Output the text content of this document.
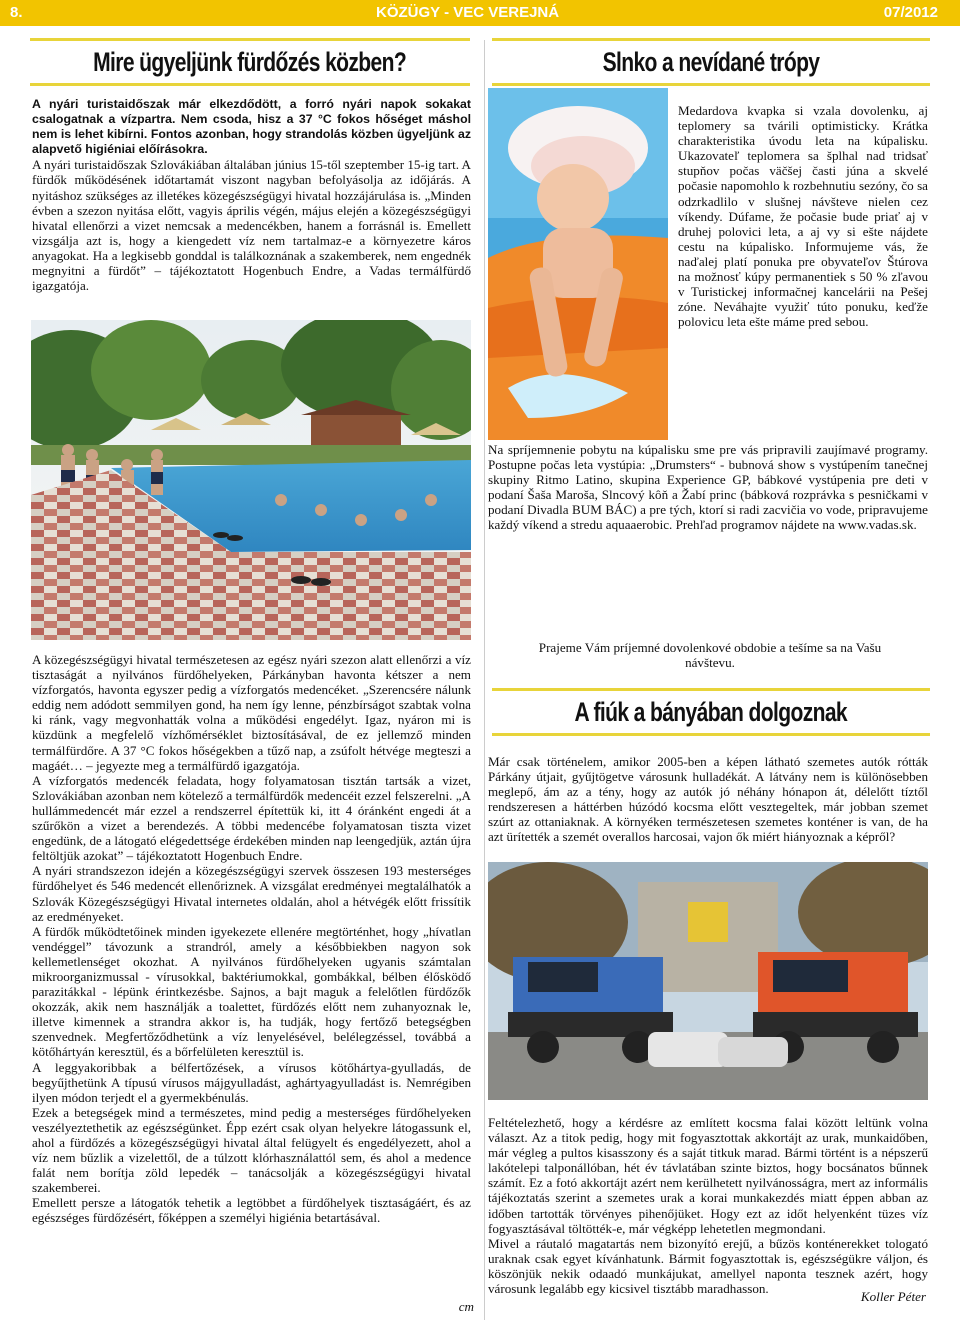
8.	KÖZÜGY - VEC VEREJNÁ	07/2012
Mire ügyeljünk fürdőzés közben?

A nyári turistaidőszak már elkezdődött, a forró nyári napok sokakat csalogatnak a vízpartra. Nem csoda, hisz a 37 °C fokos hőséget máshol nem is lehet kibírni. Fontos azonban, hogy strandolás közben ügyeljünk az alapvető higiéniai előírásokra.

A nyári turistaidőszak Szlovákiában általában június 15-től szeptember 15-ig tart. A fürdők működésének időtartamát viszont nagyban befolyásolja az időjárás. A nyitáshoz szükséges az illetékes közegészségügyi hivatal hozzájárulása is. „Minden évben a szezon nyitása előtt, vagyis április végén, május elején a közegészségügyi hivatal ellenőrzi a vizet nemcsak a medencékben, hanem a forrásnál is. Emellett vizsgálja azt is, hogy a kiengedett víz nem tartalmaz-e a környezetre káros anyagokat. Ha a legkisebb gonddal is találkoznának a szakemberek, nem engednék megnyitni a fürdőt” – tájékoztatott Hogenbuch Endre, a Vadas termálfürdő igazgatója.

A közegészségügyi hivatal természetesen az egész nyári szezon alatt ellenőrzi a víz tisztaságát a nyilvános fürdőhelyeken, Párkányban havonta kétszer a nem vízforgatós, havonta egyszer pedig a vízforgatós medencéket. „Szerencsére nálunk eddig nem adódott semmilyen gond, ha nem így lenne, pénzbírságot szabtak volna ki ránk, vagy megvonhatták volna a működési engedélyt. Igaz, nyáron mi is küzdünk a megfelelő vízhőmérséklet biztosításával, de ez jellemző minden termálfürdőre. A 37 °C fokos hőségekben a tűző nap, a zsúfolt hétvége megteszi a magáét… – jegyezte meg a termálfürdő igazgatója.

A vízforgatós medencék feladata, hogy folyamatosan tisztán tartsák a vizet, Szlovákiában azonban nem kötelező a termálfürdők medencéit ezzel felszerelni. „A hullámmedencét már ezzel a rendszerrel építettük ki, itt 4 óránként engedi át a szűrőkön a vizet a berendezés. A többi medencébe folyamatosan tiszta vizet engedünk, de a látogató elégedettsége érdekében minden nap leengedjük, aztán újra feltöltjük azokat” – tájékoztatott Hogenbuch Endre.

A nyári strandszezon idején a közegészségügyi szervek összesen 193 mesterséges fürdőhelyet és 546 medencét ellenőriznek. A vizsgálat eredményei megtalálhatók a Szlovák Közegészségügyi Hivatal internetes oldalán, ahol a hétvégék előtt frissítik az eredményeket.

A fürdők működtetőinek minden igyekezete ellenére megtörténhet, hogy „hívatlan vendéggel” távozunk a strandról, amely a későbbiekben nagyon sok kellemetlenséget okozhat. A nyilvános fürdőhelyeken ugyanis számtalan mikroorganizmussal - vírusokkal, baktériumokkal, gombákkal, bélben élősködő parazitákkal - lépünk érintkezésbe. Sajnos, a bajt maguk a felelőtlen fürdőzők okozzák, akik nem használják a toalettet, fürdőzés előtt nem zuhanyoznak le, illetve kimennek a strandra akkor is, ha tudják, hogy fertőző betegségben szenvednek. Megfertőződhetünk a víz lenyelésével, belélegzéssel, továbbá a kötőhártyán keresztül, és a bőrfelületen keresztül is.

A leggyakoribbak a bélfertőzések, a vírusos kötőhártya-gyulladás, de begyűjthetünk A típusú vírusos májgyulladást, aghártyagyulladást is. Nemrégiben ilyen módon terjedt el a gyermekbénulás.

Ezek a betegségek mind a természetes, mind pedig a mesterséges fürdőhelyeken veszélyeztethetik az egészségünket. Épp ezért csak olyan helyekre látogassunk el, ahol a fürdőzés a közegészségügyi hivatal által felügyelt és engedélyezett, ahol a víz nem bűzlik a vizelettől, de a túlzott klórhasználattól sem, és ahol a medence falát nem borítja zöld lepedék – tanácsolják a közegészségügyi hivatal szakemberei.

Emellett persze a látogatók tehetik a legtöbbet a fürdőhelyek tisztaságáért, és az egészséges fürdőzésért, főképpen a személyi higiénia betartásával.

cm
Slnko a nevídané trópy

Medardova kvapka si vzala dovolenku, aj teplomery sa tvárili optimisticky. Krátka charakteristika úvodu leta na kúpalisku. Ukazovateľ teplomera sa šplhal nad tridsať stupňov počas väčšej časti júna a skvelé počasie napomohlo k rozbehnutiu sezóny, čo sa odzrkadlilo v slušnej návšteve nielen cez víkendy. Dúfame, že počasie bude priať aj v druhej polovici leta, a aj vy si ešte nájdete cestu na kúpalisko. Informujeme vás, že naďalej platí ponuka pre obyvateľov Štúrova na možnosť kúpy permanentiek s 50 % zľavou v Turistickej informačnej kancelárii na Pešej zóne. Neváhajte využiť túto ponuku, keďže polovicu leta ešte máme pred sebou.

Na spríjemnenie pobytu na kúpalisku sme pre vás pripravili zaujímavé programy. Postupne počas leta vystúpia: „Drumsters“ - bubnová show s vystúpením tanečnej skupiny Ritmo Latino, skupina Experience GP, bábkové vystúpenia pre deti v podaní Šaša Maroša, Slncový kôň a Žabí princ (bábková rozprávka s pesničkami v podaní Divadla BUM BÁC) a pre tých, ktorí si radi zacvičia vo vode, pripravujeme každý víkend a stredu aquaaerobic. Prehľad programov nájdete na www.vadas.sk.

Prajeme Vám príjemné dovolenkové obdobie a tešíme sa na Vašu návštevu.
A fiúk a bányában dolgoznak
Már csak történelem, amikor 2005-ben a képen látható szemetes autók rótták Párkány útjait, gyűjtögetve városunk hulladékát. A látvány nem is különösebben meglepő, ám az a tény, hogy az autók jó néhány hónapon át, délelőtt tíztől rendszeresen a háttérben húzódó kocsma előtt vesztegeltek, már jobban szemet szúrt az ottaniaknak. A környéken természetesen szemetes konténer is van, de ha azt ürítették a szemét overallos harcosai, vajon ők miért hiányoznak a képről?

Feltételezhető, hogy a kérdésre az említett kocsma falai között leltünk volna választ. Az a titok pedig, hogy mit fogyasztottak akkortájt az urak, munkaidőben, már végleg a pultos kisasszony és a saját titkuk marad. Bármi történt is a népszerű lakótelepi talponállóban, hét év távlatában szinte biztos, hogy bocsánatos bűnnek számít. Ez a fotó akkortájt azért nem kerülhetett nyilvánosságra, mert az informális tájékoztatás szerint a szemetes urak a korai munkakezdés miatt éppen abban az időben tartották törvényes pihenőjüket. Hogy ezt az időt helyenként tüzes víz fogyasztásával töltötték-e, már végképp lehetetlen megmondani.

Mivel a ráutaló magatartás nem bizonyító erejű, a bűzös konténerekket tologató uraknak csak egyet kívánhatunk. Bármit fogyasztottak is, egészségükre váljon, és köszönjük nekik odaadó munkájukat, amellyel naponta tesznek azért, hogy városunk legalább egy kicsivel tisztább maradhasson.

Koller Péter
